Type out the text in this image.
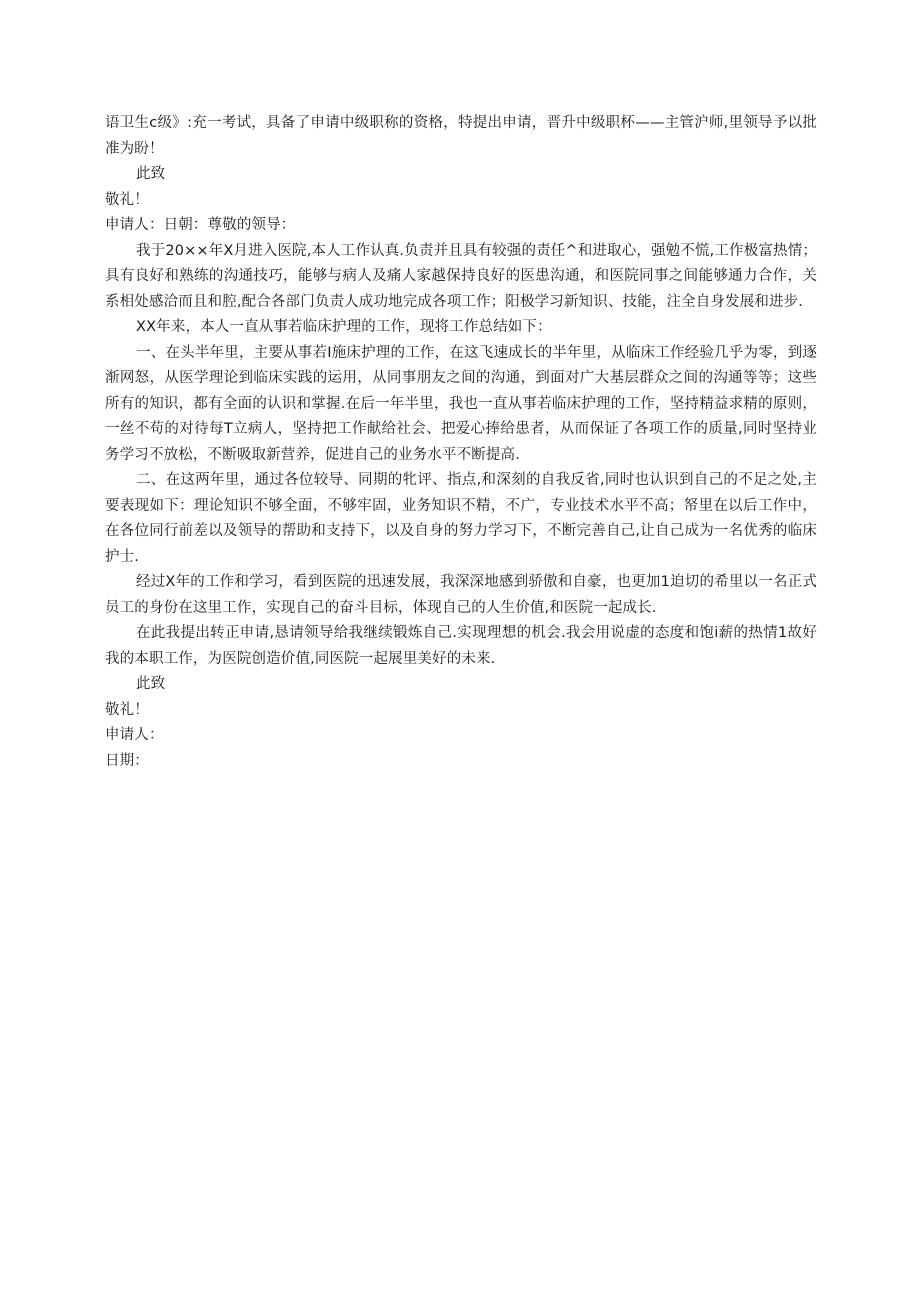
语卫生c级》:充一考试，具备了申请中级职称的资格，特提出申请，晋升中级职杯——主管沪师,里领导予以批准为盼！

此致

敬礼！

申请人：日朝：尊敬的领导：

我于20××年X月进入医院,本人工作认真.负责并且具有较强的责任^和进取心，强勉不慌,工作极富热情；具有良好和熟练的沟通技巧，能够与病人及痛人家越保持良好的医患沟通，和医院同事之间能够通力合作，关系相处感洽而且和腔,配合各部门负责人成功地完成各项工作；阳极学习新知识、技能，注全自身发展和进步.

XX年来，本人一直从事若临床护理的工作，现将工作总结如下：

一、在头半年里，主要从事若I施床护理的工作，在这飞速成长的半年里，从临床工作经验几乎为零，到逐渐网怒，从医学理论到临床实践的运用，从同事朋友之间的沟通，到面对广大基层群众之间的沟通等等；这些所有的知识，都有全面的认识和掌握.在后一年半里，我也一直从事若临床护理的工作，坚持精益求精的原则，一丝不苟的对待每T立病人，坚持把工作献给社会、把爱心捧给患者，从而保证了各项工作的质量,同时坚持业务学习不放松，不断吸取新营养，促进自己的业务水平不断提高.

二、在这两年里，通过各位较导、同期的牝评、指点,和深刻的自我反省,同时也认识到自己的不足之处,主要表现如下：理论知识不够全面，不够牢固，业务知识不精，不广，专业技术水平不高；帑里在以后工作中，在各位同行前差以及领导的帮助和支持下，以及自身的努力学习下，不断完善自己,让自己成为一名优秀的临床护士.

经过X年的工作和学习，看到医院的迅速发展，我深深地感到骄傲和自豪，也更加1迫切的希里以一名正式员工的身份在这里工作，实现自己的奋斗目标，体现自己的人生价值,和医院一起成长.

在此我提出转正申请,恳请领导给我继续锻炼自己.实现理想的机会.我会用说虚的态度和饱i薪的热情1故好我的本职工作，为医院创造价值,同医院一起展里美好的未来.

此致

敬礼！

申请人：

日期：
